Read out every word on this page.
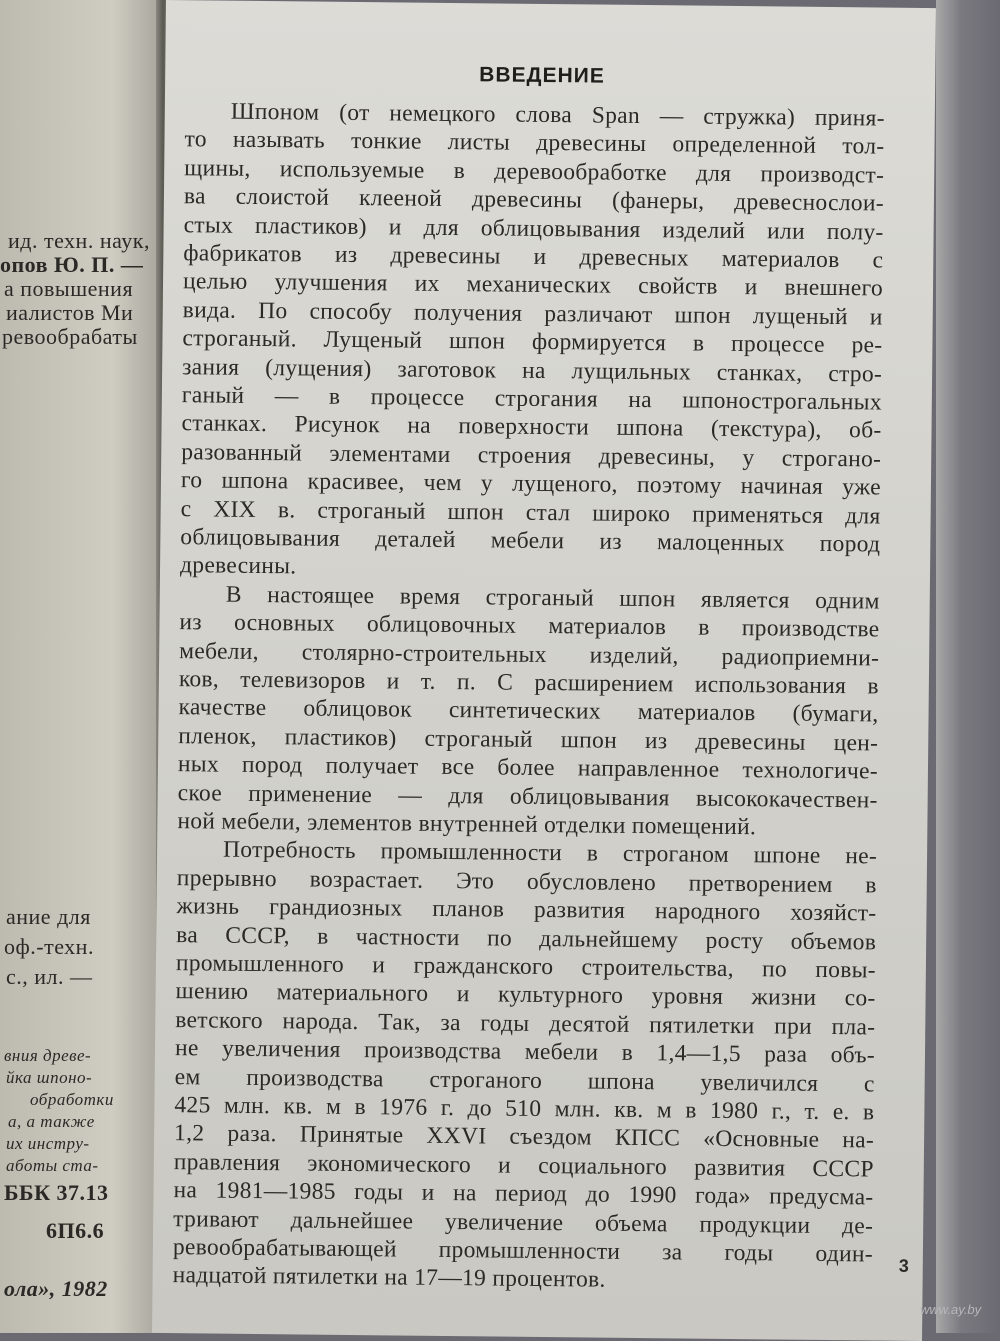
ид. техн. наук,
опов Ю. П. —
а повышения
иалистов Ми
ревообрабаты
ание для
оф.-техн.
с., ил. —
вния древе-
йка шпоно-
обработки
а, а также
их инстру-
аботы ста-
ББК 37.13
6П6.6
ола», 1982
ВВЕДЕНИЕ
Шпоном (от немецкого слова Span — стружка) приня-
то называть тонкие листы древесины определенной тол-
щины, используемые в деревообработке для производст-
ва слоистой клееной древесины (фанеры, древеснослои-
стых пластиков) и для облицовывания изделий или полу-
фабрикатов из древесины и древесных материалов с
целью улучшения их механических свойств и внешнего
вида. По способу получения различают шпон лущеный и
строганый. Лущеный шпон формируется в процессе ре-
зания (лущения) заготовок на лущильных станках, стро-
ганый — в процессе строгания на шпонострогальных
станках. Рисунок на поверхности шпона (текстура), об-
разованный элементами строения древесины, у строгано-
го шпона красивее, чем у лущеного, поэтому начиная уже
с XIX в. строганый шпон стал широко применяться для
облицовывания деталей мебели из малоценных пород
древесины.
В настоящее время строганый шпон является одним
из основных облицовочных материалов в производстве
мебели, столярно-строительных изделий, радиоприемни-
ков, телевизоров и т. п. С расширением использования в
качестве облицовок синтетических материалов (бумаги,
пленок, пластиков) строганый шпон из древесины цен-
ных пород получает все более направленное технологиче-
ское применение — для облицовывания высококачествен-
ной мебели, элементов внутренней отделки помещений.
Потребность промышленности в строганом шпоне не-
прерывно возрастает. Это обусловлено претворением в
жизнь грандиозных планов развития народного хозяйст-
ва СССР, в частности по дальнейшему росту объемов
промышленного и гражданского строительства, по повы-
шению материального и культурного уровня жизни со-
ветского народа. Так, за годы десятой пятилетки при пла-
не увеличения производства мебели в 1,4—1,5 раза объ-
ем производства строганого шпона увеличился с
425 млн. кв. м в 1976 г. до 510 млн. кв. м в 1980 г., т. е. в
1,2 раза. Принятые XXVI съездом КПСС «Основные на-
правления экономического и социального развития СССР
на 1981—1985 годы и на период до 1990 года» предусма-
тривают дальнейшее увеличение объема продукции де-
ревообрабатывающей промышленности за годы один-
надцатой пятилетки на 17—19 процентов.	3
www.ay.by
